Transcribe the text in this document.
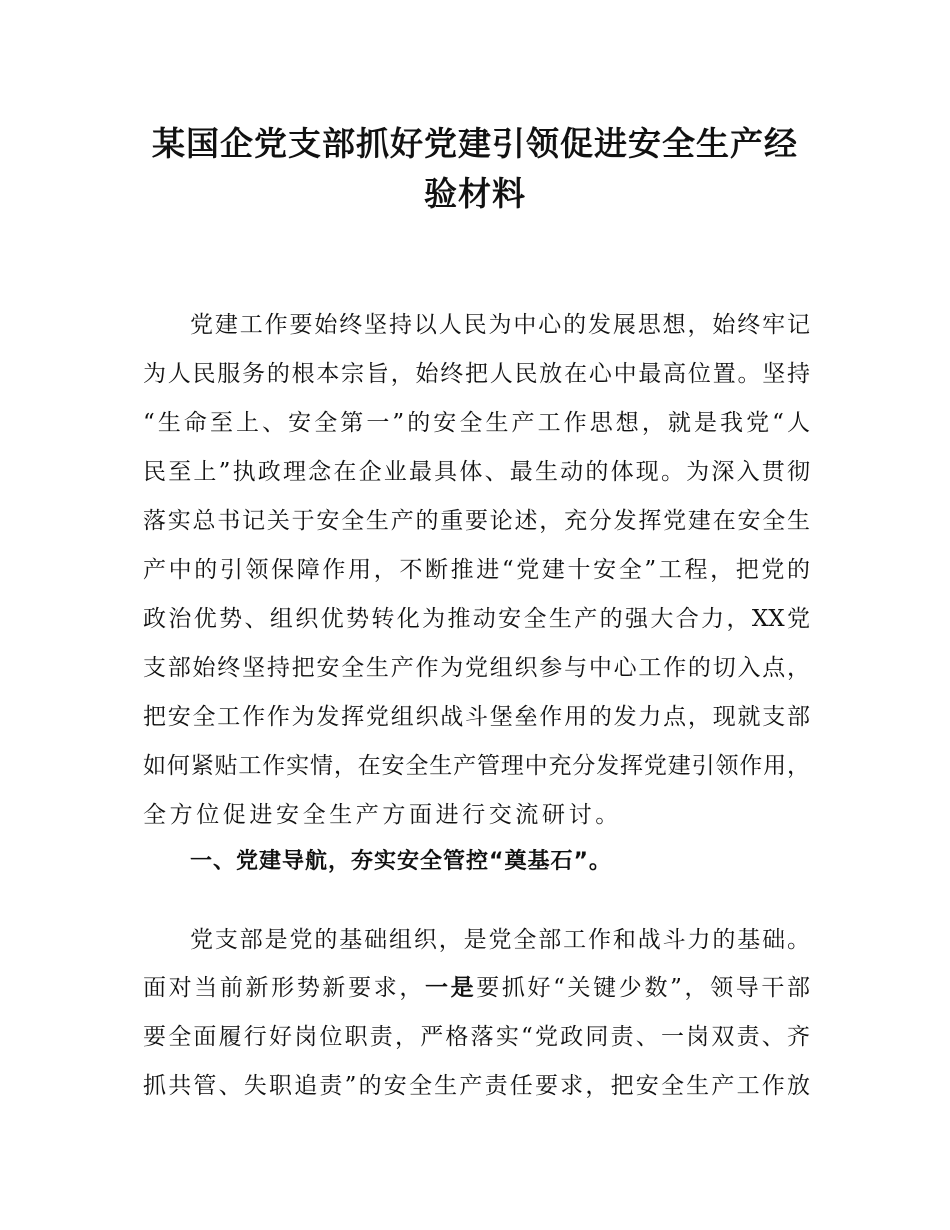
某国企党支部抓好党建引领促进安全生产经
验材料
党建工作要始终坚持以人民为中心的发展思想，始终牢记
为人民服务的根本宗旨，始终把人民放在心中最高位置。坚持
“生命至上、安全第一”的安全生产工作思想，就是我党“人
民至上”执政理念在企业最具体、最生动的体现。为深入贯彻
落实总书记关于安全生产的重要论述，充分发挥党建在安全生
产中的引领保障作用，不断推进“党建十安全”工程，把党的
政治优势、组织优势转化为推动安全生产的强大合力，XX党
支部始终坚持把安全生产作为党组织参与中心工作的切入点，
把安全工作作为发挥党组织战斗堡垒作用的发力点，现就支部
如何紧贴工作实情，在安全生产管理中充分发挥党建引领作用，
全方位促进安全生产方面进行交流研讨。
一、党建导航，夯实安全管控“奠基石”。
党支部是党的基础组织，是党全部工作和战斗力的基础。
面对当前新形势新要求，一是要抓好“关键少数”，领导干部
要全面履行好岗位职责，严格落实“党政同责、一岗双责、齐
抓共管、失职追责”的安全生产责任要求，把安全生产工作放
